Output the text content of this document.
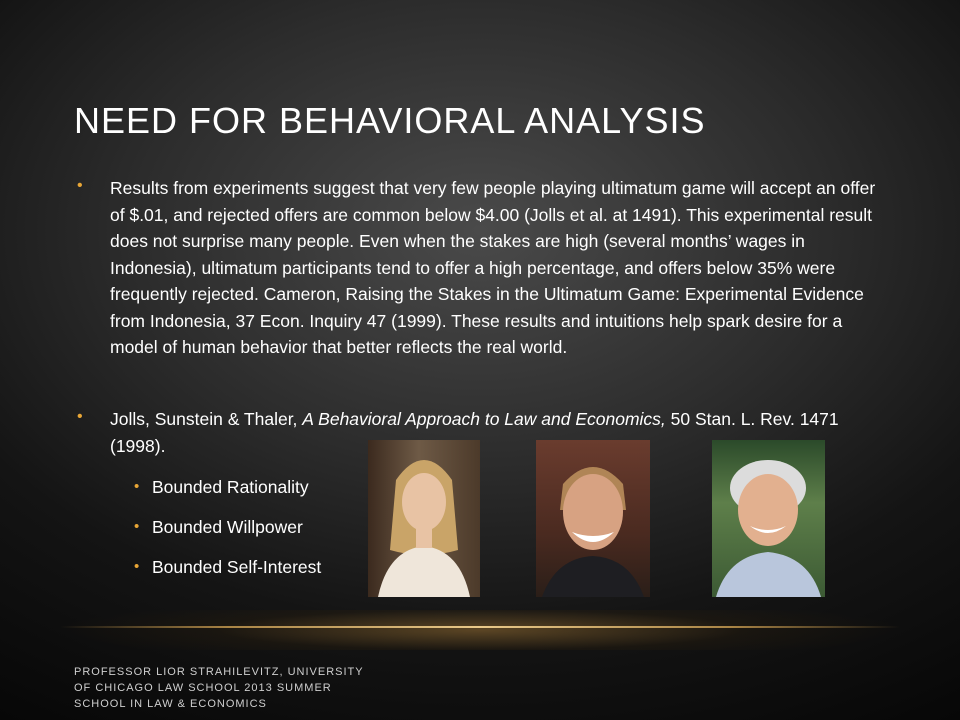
NEED FOR BEHAVIORAL ANALYSIS
• Results from experiments suggest that very few people playing ultimatum game will accept an offer of $.01, and rejected offers are common below $4.00 (Jolls et al. at 1491). This experimental result does not surprise many people. Even when the stakes are high (several months’ wages in Indonesia), ultimatum participants tend to offer a high percentage, and offers below 35% were frequently rejected. Cameron, Raising the Stakes in the Ultimatum Game: Experimental Evidence from Indonesia, 37 Econ. Inquiry 47 (1999). These results and intuitions help spark desire for a model of human behavior that better reflects the real world.
• Jolls, Sunstein & Thaler, A Behavioral Approach to Law and Economics, 50 Stan. L. Rev. 1471 (1998).
• Bounded Rationality
• Bounded Willpower
• Bounded Self-Interest
PROFESSOR LIOR STRAHILEVITZ, UNIVERSITY OF CHICAGO LAW SCHOOL 2013 SUMMER SCHOOL IN LAW & ECONOMICS
